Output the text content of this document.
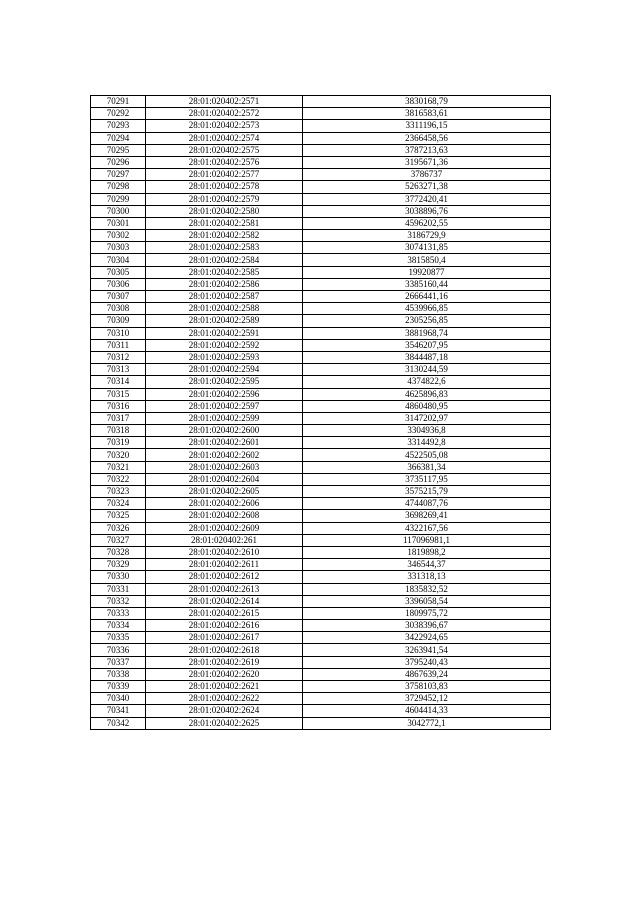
70291	28:01:020402:2571	3830168,79
70292	28:01:020402:2572	3816583,61
70293	28:01:020402:2573	3311196,15
70294	28:01:020402:2574	2366458,56
70295	28:01:020402:2575	3787213,63
70296	28:01:020402:2576	3195671,36
70297	28:01:020402:2577	3786737
70298	28:01:020402:2578	5263271,38
70299	28:01:020402:2579	3772420,41
70300	28:01:020402:2580	3038896,76
70301	28:01:020402:2581	4596202,55
70302	28:01:020402:2582	3186729,9
70303	28:01:020402:2583	3074131,85
70304	28:01:020402:2584	3815850,4
70305	28:01:020402:2585	19920877
70306	28:01:020402:2586	3385160,44
70307	28:01:020402:2587	2666441,16
70308	28:01:020402:2588	4539966,85
70309	28:01:020402:2589	2305256,85
70310	28:01:020402:2591	3881968,74
70311	28:01:020402:2592	3546207,95
70312	28:01:020402:2593	3844487,18
70313	28:01:020402:2594	3130244,59
70314	28:01:020402:2595	4374822,6
70315	28:01:020402:2596	4625896,83
70316	28:01:020402:2597	4860480,95
70317	28:01:020402:2599	3147202,97
70318	28:01:020402:2600	3304936,8
70319	28:01:020402:2601	3314492,8
70320	28:01:020402:2602	4522505,08
70321	28:01:020402:2603	366381,34
70322	28:01:020402:2604	3735117,95
70323	28:01:020402:2605	3575215,79
70324	28:01:020402:2606	4744087,76
70325	28:01:020402:2608	3698269,41
70326	28:01:020402:2609	4322167,56
70327	28:01:020402:261	117096981,1
70328	28:01:020402:2610	1819898,2
70329	28:01:020402:2611	346544,37
70330	28:01:020402:2612	331318,13
70331	28:01:020402:2613	1835832,52
70332	28:01:020402:2614	3396058,54
70333	28:01:020402:2615	1809975,72
70334	28:01:020402:2616	3038396,67
70335	28:01:020402:2617	3422924,65
70336	28:01:020402:2618	3263941,54
70337	28:01:020402:2619	3795240,43
70338	28:01:020402:2620	4867639,24
70339	28:01:020402:2621	3758103,83
70340	28:01:020402:2622	3729452,12
70341	28:01:020402:2624	4604414,33
70342	28:01:020402:2625	3042772,1
